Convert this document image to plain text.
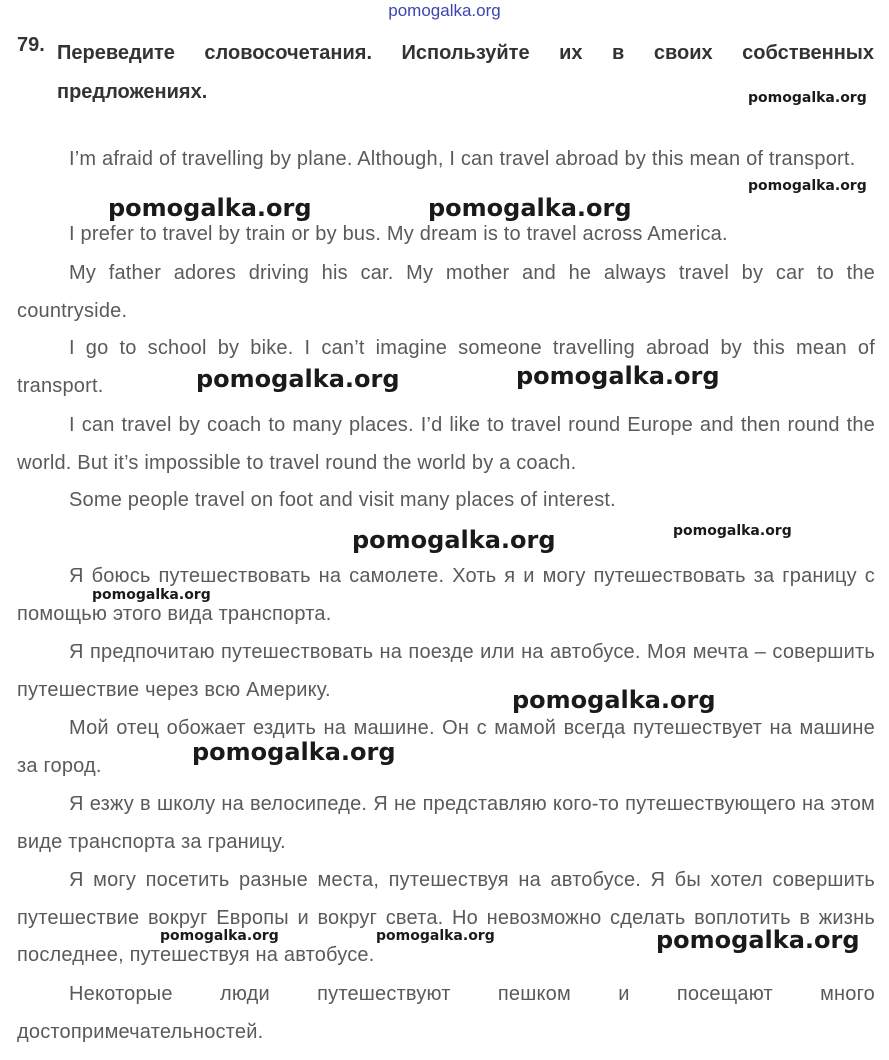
pomogalka.org
79. Переведите словосочетания. Используйте их в своих собственных предложениях.

I’m afraid of travelling by plane. Although, I can travel abroad by this mean of transport.

I prefer to travel by train or by bus. My dream is to travel across America.

My father adores driving his car. My mother and he always travel by car to the countryside.

I go to school by bike. I can’t imagine someone travelling abroad by this mean of transport.

I can travel by coach to many places. I’d like to travel round Europe and then round the world. But it’s impossible to travel round the world by a coach.

Some people travel on foot and visit many places of interest.

Я боюсь путешествовать на самолете. Хоть я и могу путешествовать за границу с помощью этого вида транспорта.

Я предпочитаю путешествовать на поезде или на автобусе. Моя мечта – совершить путешествие через всю Америку.

Мой отец обожает ездить на машине. Он с мамой всегда путешествует на машине за город.

Я езжу в школу на велосипеде. Я не представляю кого-то путешествующего на этом виде транспорта за границу.

Я могу посетить разные места, путешествуя на автобусе. Я бы хотел совершить путешествие вокруг Европы и вокруг света. Но невозможно сделать воплотить в жизнь последнее, путешествуя на автобусе.

Некоторые люди путешествуют пешком и посещают много достопримечательностей.

pomogalka.org
pomogalka.org
pomogalka.org	pomogalka.org
pomogalka.org	pomogalka.org
pomogalka.org
pomogalka.org
pomogalka.org
pomogalka.org
pomogalka.org
pomogalka.org	pomogalka.org	pomogalka.org
